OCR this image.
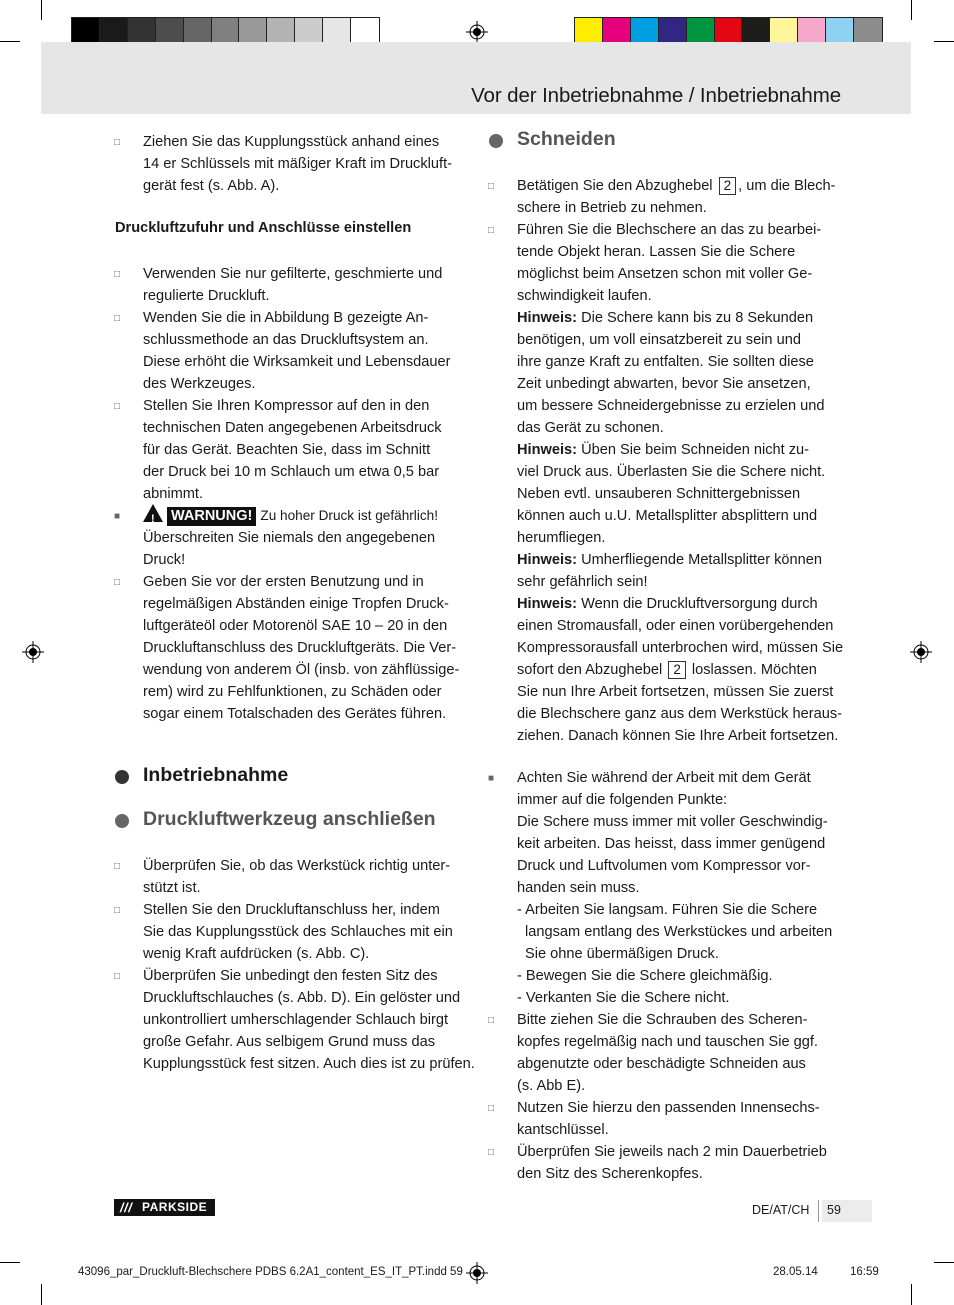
Vor der Inbetriebnahme / Inbetriebnahme
□ Ziehen Sie das Kupplungsstück anhand eines
14 er Schlüssels mit mäßiger Kraft im Druckluft-
gerät fest (s. Abb. A).
Druckluftzufuhr und Anschlüsse einstellen
□ Verwenden Sie nur gefilterte, geschmierte und
regulierte Druckluft.
□ Wenden Sie die in Abbildung B gezeigte An-
schlussmethode an das Druckluftsystem an.
Diese erhöht die Wirksamkeit und Lebensdauer
des Werkzeuges.
□ Stellen Sie Ihren Kompressor auf den in den
technischen Daten angegebenen Arbeitsdruck
für das Gerät. Beachten Sie, dass im Schnitt
der Druck bei 10 m Schlauch um etwa 0,5 bar
abnimmt.
■
!	WARNUNG! Zu hoher Druck ist gefährlich!
Überschreiten Sie niemals den angegebenen
Druck!
□ Geben Sie vor der ersten Benutzung und in
regelmäßigen Abständen einige Tropfen Druck-
luftgeräteöl oder Motorenöl SAE 10 – 20 in den
Druckluftanschluss des Druckluftgeräts. Die Ver-
wendung von anderem Öl (insb. von zähflüssige-
rem) wird zu Fehlfunktionen, zu Schäden oder
sogar einem Totalschaden des Gerätes führen.
Inbetriebnahme
Druckluftwerkzeug anschließen
□ Überprüfen Sie, ob das Werkstück richtig unter-
stützt ist.
□ Stellen Sie den Druckluftanschluss her, indem
Sie das Kupplungsstück des Schlauches mit ein
wenig Kraft aufdrücken (s. Abb. C).
□ Überprüfen Sie unbedingt den festen Sitz des
Druckluftschlauches (s. Abb. D). Ein gelöster und
unkontrolliert umherschlagender Schlauch birgt
große Gefahr. Aus selbigem Grund muss das
Kupplungsstück fest sitzen. Auch dies ist zu prüfen.
Schneiden
□ Betätigen Sie den Abzughebel 2 , um die Blech-
schere in Betrieb zu nehmen.
□ Führen Sie die Blechschere an das zu bearbei-
tende Objekt heran. Lassen Sie die Schere
möglichst beim Ansetzen schon mit voller Ge-
schwindigkeit laufen.
Hinweis: Die Schere kann bis zu 8 Sekunden
benötigen, um voll einsatzbereit zu sein und
ihre ganze Kraft zu entfalten. Sie sollten diese
Zeit unbedingt abwarten, bevor Sie ansetzen,
um bessere Schneidergebnisse zu erzielen und
das Gerät zu schonen.
Hinweis: Üben Sie beim Schneiden nicht zu-
viel Druck aus. Überlasten Sie die Schere nicht.
Neben evtl. unsauberen Schnittergebnissen
können auch u.U. Metallsplitter absplittern und
herumfliegen.
Hinweis: Umherfliegende Metallsplitter können
sehr gefährlich sein!
Hinweis: Wenn die Druckluftversorgung durch
einen Stromausfall, oder einen vorübergehenden
Kompressorausfall unterbrochen wird, müssen Sie
sofort den Abzughebel 2 loslassen. Möchten
Sie nun Ihre Arbeit fortsetzen, müssen Sie zuerst
die Blechschere ganz aus dem Werkstück heraus-
ziehen. Danach können Sie Ihre Arbeit fortsetzen.
■ Achten Sie während der Arbeit mit dem Gerät
immer auf die folgenden Punkte:
Die Schere muss immer mit voller Geschwindig-
keit arbeiten. Das heisst, dass immer genügend
Druck und Luftvolumen vom Kompressor vor-
handen sein muss.
- Arbeiten Sie langsam. Führen Sie die Schere
langsam entlang des Werkstückes und arbeiten
Sie ohne übermäßigen Druck.
- Bewegen Sie die Schere gleichmäßig.
- Verkanten Sie die Schere nicht.
□ Bitte ziehen Sie die Schrauben des Scheren-
kopfes regelmäßig nach und tauschen Sie ggf.
abgenutzte oder beschädigte Schneiden aus
(s. Abb E).
□ Nutzen Sie hierzu den passenden Innensechs-
kantschlüssel.
□ Überprüfen Sie jeweils nach 2 min Dauerbetrieb
den Sitz des Scherenkopfes.
/// PARKSIDE	DE/AT/CH 59
43096_par_Druckluft-Blechschere PDBS 6.2A1_content_ES_IT_PT.indd 59	28.05.14	16:59
